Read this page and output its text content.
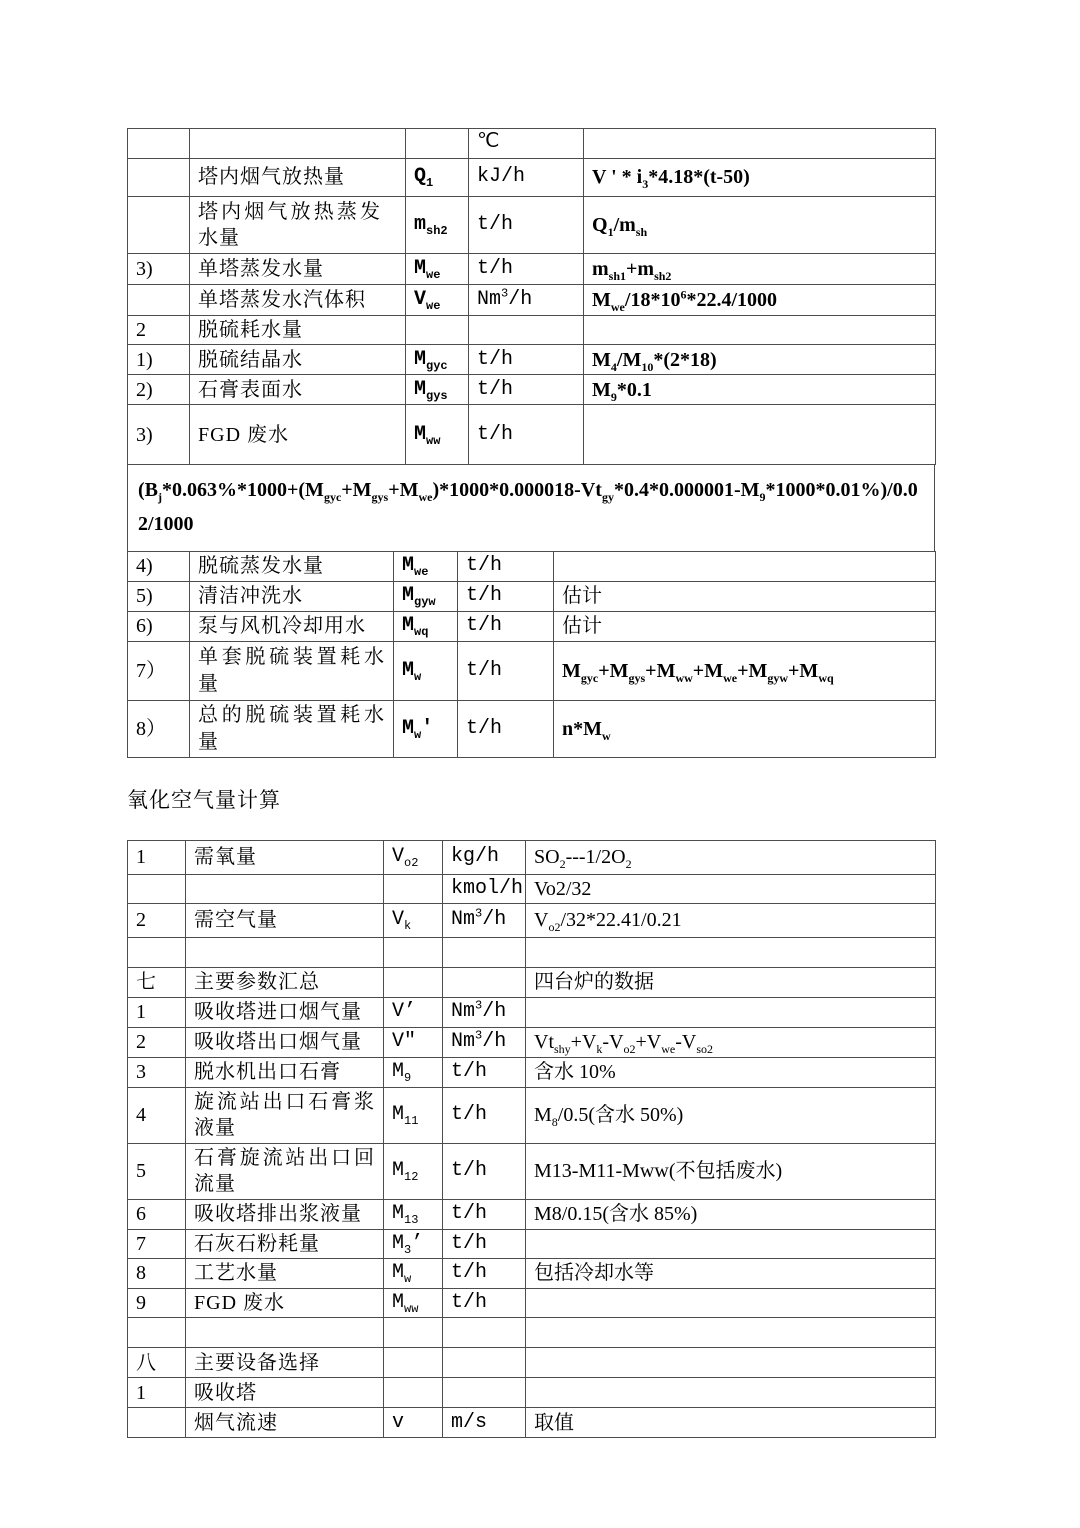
			℃	
	塔内烟气放热量	$Q_1$	kJ/h	V ' * $i_3*4.18*(t-50)$
	塔内烟气放热蒸发水量	$m_{sh2}$	t/h	$Q_1/m_{sh}$
3)	单塔蒸发水量	$M_{we}$	t/h	$m_{sh1}+m_{sh2}$
	单塔蒸发水汽体积	$V_{we}$	Nm$^3$/h	$M_{we}/18*10^6*22.4/1000$
2	脱硫耗水量			
1)	脱硫结晶水	$M_{gyc}$	t/h	$M_4/M_{10}*(2*18)$
2)	石膏表面水	$M_{gys}$	t/h	$M_9*0.1$
3)	FGD 废水	$M_{ww}$	t/h	
$(B_j*0.063\%*1000+(M_{gyc}+M_{gys}+M_{we})*1000*0.000018-Vt_{gy}*0.4*0.000001-M_9*1000*0.01\%)/0.02/1000$
4)	脱硫蒸发水量	$M_{we}$	t/h	
5)	清洁冲洗水	$M_{gyw}$	t/h	估计
6)	泵与风机冷却用水	$M_{wq}$	t/h	估计
7）	单套脱硫装置耗水量	$M_w$	t/h	$M_{gyc}+M_{gys}+M_{ww}+M_{we}+M_{gyw}+M_{wq}$
8）	总的脱硫装置耗水量	$M_w'$	t/h	$n*M_w$
氧化空气量计算
1	需氧量	$V_{o2}$	kg/h	$SO_2---1/2O_2$
			kmol/h	Vo2/32
2	需空气量	$V_k$	Nm$^3$/h	$V_{o2}/32*22.41/0.21$

七	主要参数汇总			四台炉的数据
1	吸收塔进口烟气量	V’	Nm$^3$/h	
2	吸收塔出口烟气量	V″	Nm$^3$/h	$Vt_{shy}+V_k-V_{o2}+V_{we}-V_{so2}$
3	脱水机出口石膏	$M_9$	t/h	含水 10%
4	旋流站出口石膏浆液量	$M_{11}$	t/h	$M_8/0.5$(含水 50%)
5	石膏旋流站出口回流量	$M_{12}$	t/h	M13-M11-Mww(不包括废水)
6	吸收塔排出浆液量	$M_{13}$	t/h	M8/0.15(含水 85%)
7	石灰石粉耗量	$M_3$’	t/h	
8	工艺水量	$M_w$	t/h	包括冷却水等
9	FGD 废水	$M_{ww}$	t/h	

八	主要设备选择			
1	吸收塔			
	烟气流速	v	m/s	取值
